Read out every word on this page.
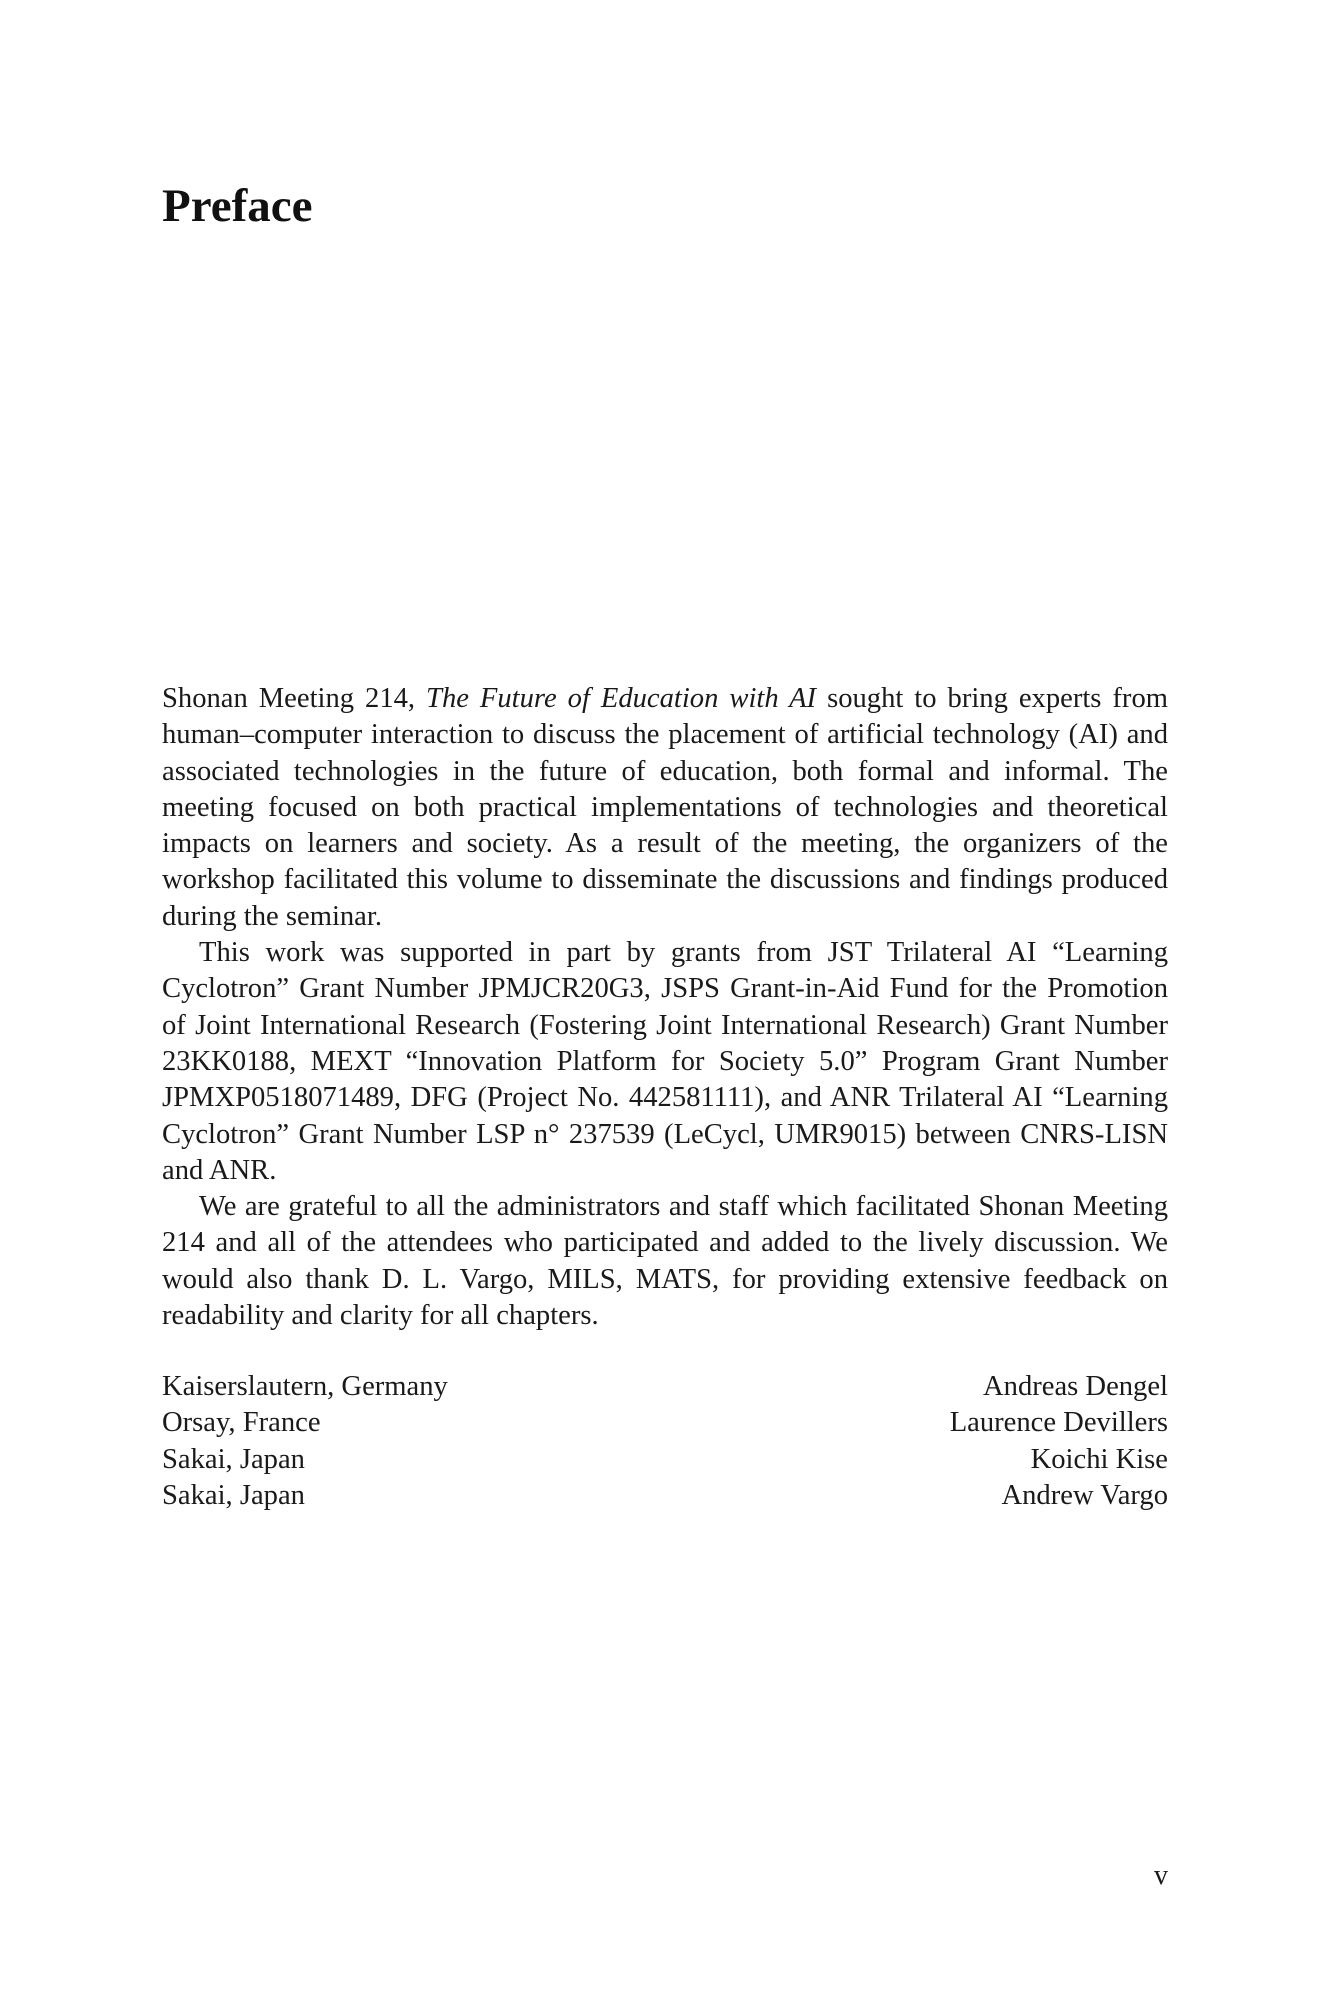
Preface

Shonan Meeting 214, The Future of Education with AI sought to bring experts from human–computer interaction to discuss the placement of artificial technology (AI) and associated technologies in the future of education, both formal and informal. The meeting focused on both practical implementations of technologies and theoretical impacts on learners and society. As a result of the meeting, the organizers of the workshop facilitated this volume to disseminate the discussions and findings produced during the seminar.

This work was supported in part by grants from JST Trilateral AI “Learning Cyclotron” Grant Number JPMJCR20G3, JSPS Grant-in-Aid Fund for the Promotion of Joint International Research (Fostering Joint International Research) Grant Number 23KK0188, MEXT “Innovation Platform for Society 5.0” Program Grant Number JPMXP0518071489, DFG (Project No. 442581111), and ANR Trilateral AI “Learning Cyclotron” Grant Number LSP n° 237539 (LeCycl, UMR9015) between CNRS-LISN and ANR.

We are grateful to all the administrators and staff which facilitated Shonan Meeting 214 and all of the attendees who participated and added to the lively discussion. We would also thank D. L. Vargo, MILS, MATS, for providing extensive feedback on readability and clarity for all chapters.

Kaiserslautern, Germany	Andreas Dengel
Orsay, France	Laurence Devillers
Sakai, Japan	Koichi Kise
Sakai, Japan	Andrew Vargo
v
